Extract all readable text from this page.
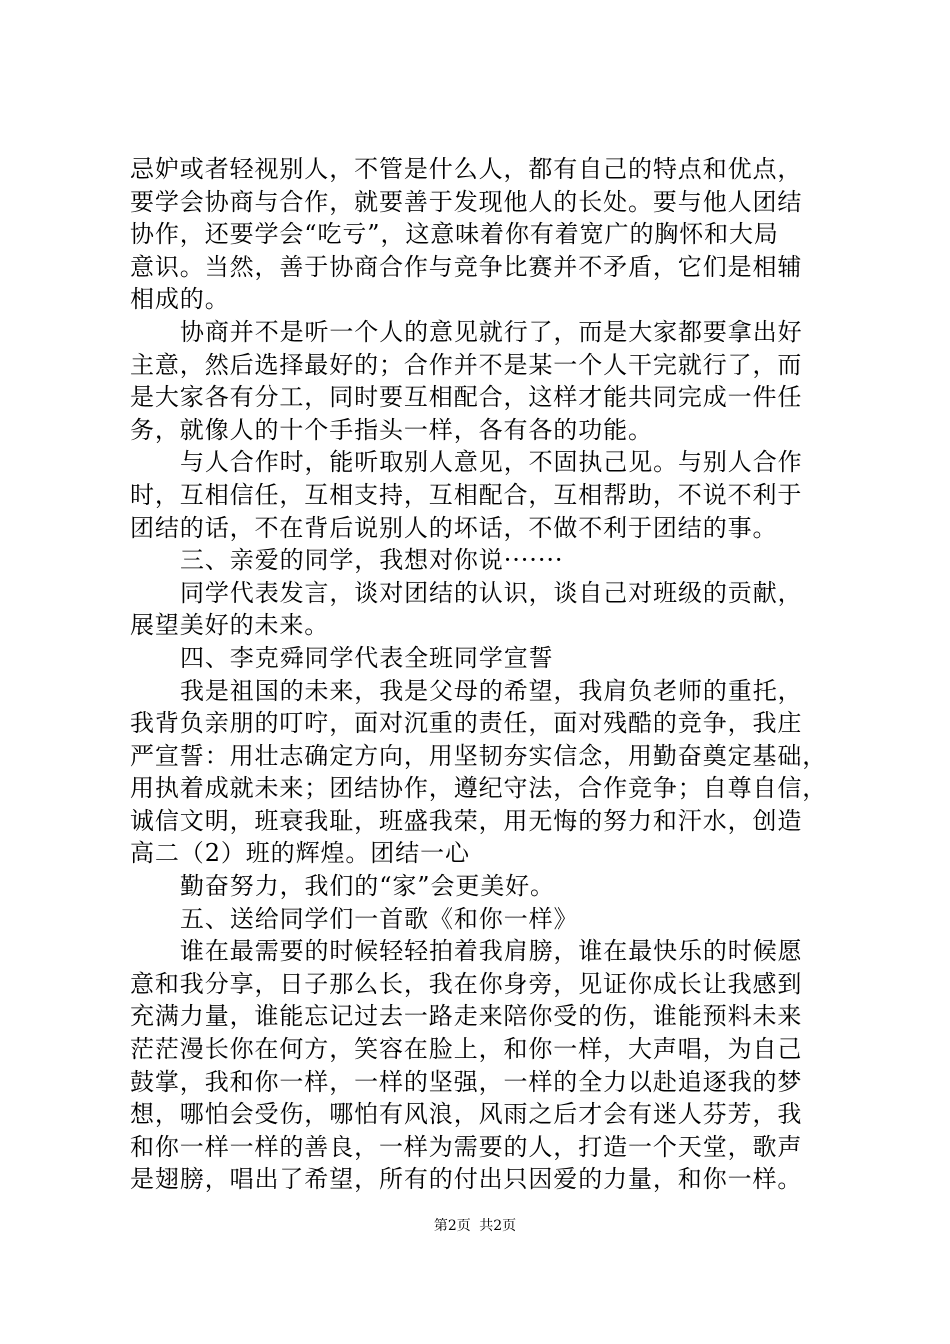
忌妒或者轻视别人，不管是什么人，都有自己的特点和优点，
要学会协商与合作，就要善于发现他人的长处。要与他人团结
协作，还要学会“吃亏”，这意味着你有着宽广的胸怀和大局
意识。当然，善于协商合作与竞争比赛并不矛盾，它们是相辅
相成的。
协商并不是听一个人的意见就行了，而是大家都要拿出好
主意，然后选择最好的；合作并不是某一个人干完就行了，而
是大家各有分工，同时要互相配合，这样才能共同完成一件任
务，就像人的十个手指头一样，各有各的功能。
与人合作时，能听取别人意见，不固执己见。与别人合作
时，互相信任，互相支持，互相配合，互相帮助，不说不利于
团结的话，不在背后说别人的坏话，不做不利于团结的事。
三、亲爱的同学，我想对你说·······
同学代表发言，谈对团结的认识，谈自己对班级的贡献，
展望美好的未来。
四、李克舜同学代表全班同学宣誓
我是祖国的未来，我是父母的希望，我肩负老师的重托，
我背负亲朋的叮咛，面对沉重的责任，面对残酷的竞争，我庄
严宣誓：用壮志确定方向，用坚韧夯实信念，用勤奋奠定基础，
用执着成就未来；团结协作，遵纪守法，合作竞争；自尊自信，
诚信文明，班衰我耻，班盛我荣，用无悔的努力和汗水，创造
高二（2）班的辉煌。团结一心
勤奋努力，我们的“家”会更美好。
五、送给同学们一首歌《和你一样》
谁在最需要的时候轻轻拍着我肩膀，谁在最快乐的时候愿
意和我分享，日子那么长，我在你身旁，见证你成长让我感到
充满力量，谁能忘记过去一路走来陪你受的伤，谁能预料未来
茫茫漫长你在何方，笑容在脸上，和你一样，大声唱，为自己
鼓掌，我和你一样，一样的坚强，一样的全力以赴追逐我的梦
想，哪怕会受伤，哪怕有风浪，风雨之后才会有迷人芬芳，我
和你一样一样的善良，一样为需要的人，打造一个天堂，歌声
是翅膀，唱出了希望，所有的付出只因爱的力量，和你一样。
第2页 共2页
